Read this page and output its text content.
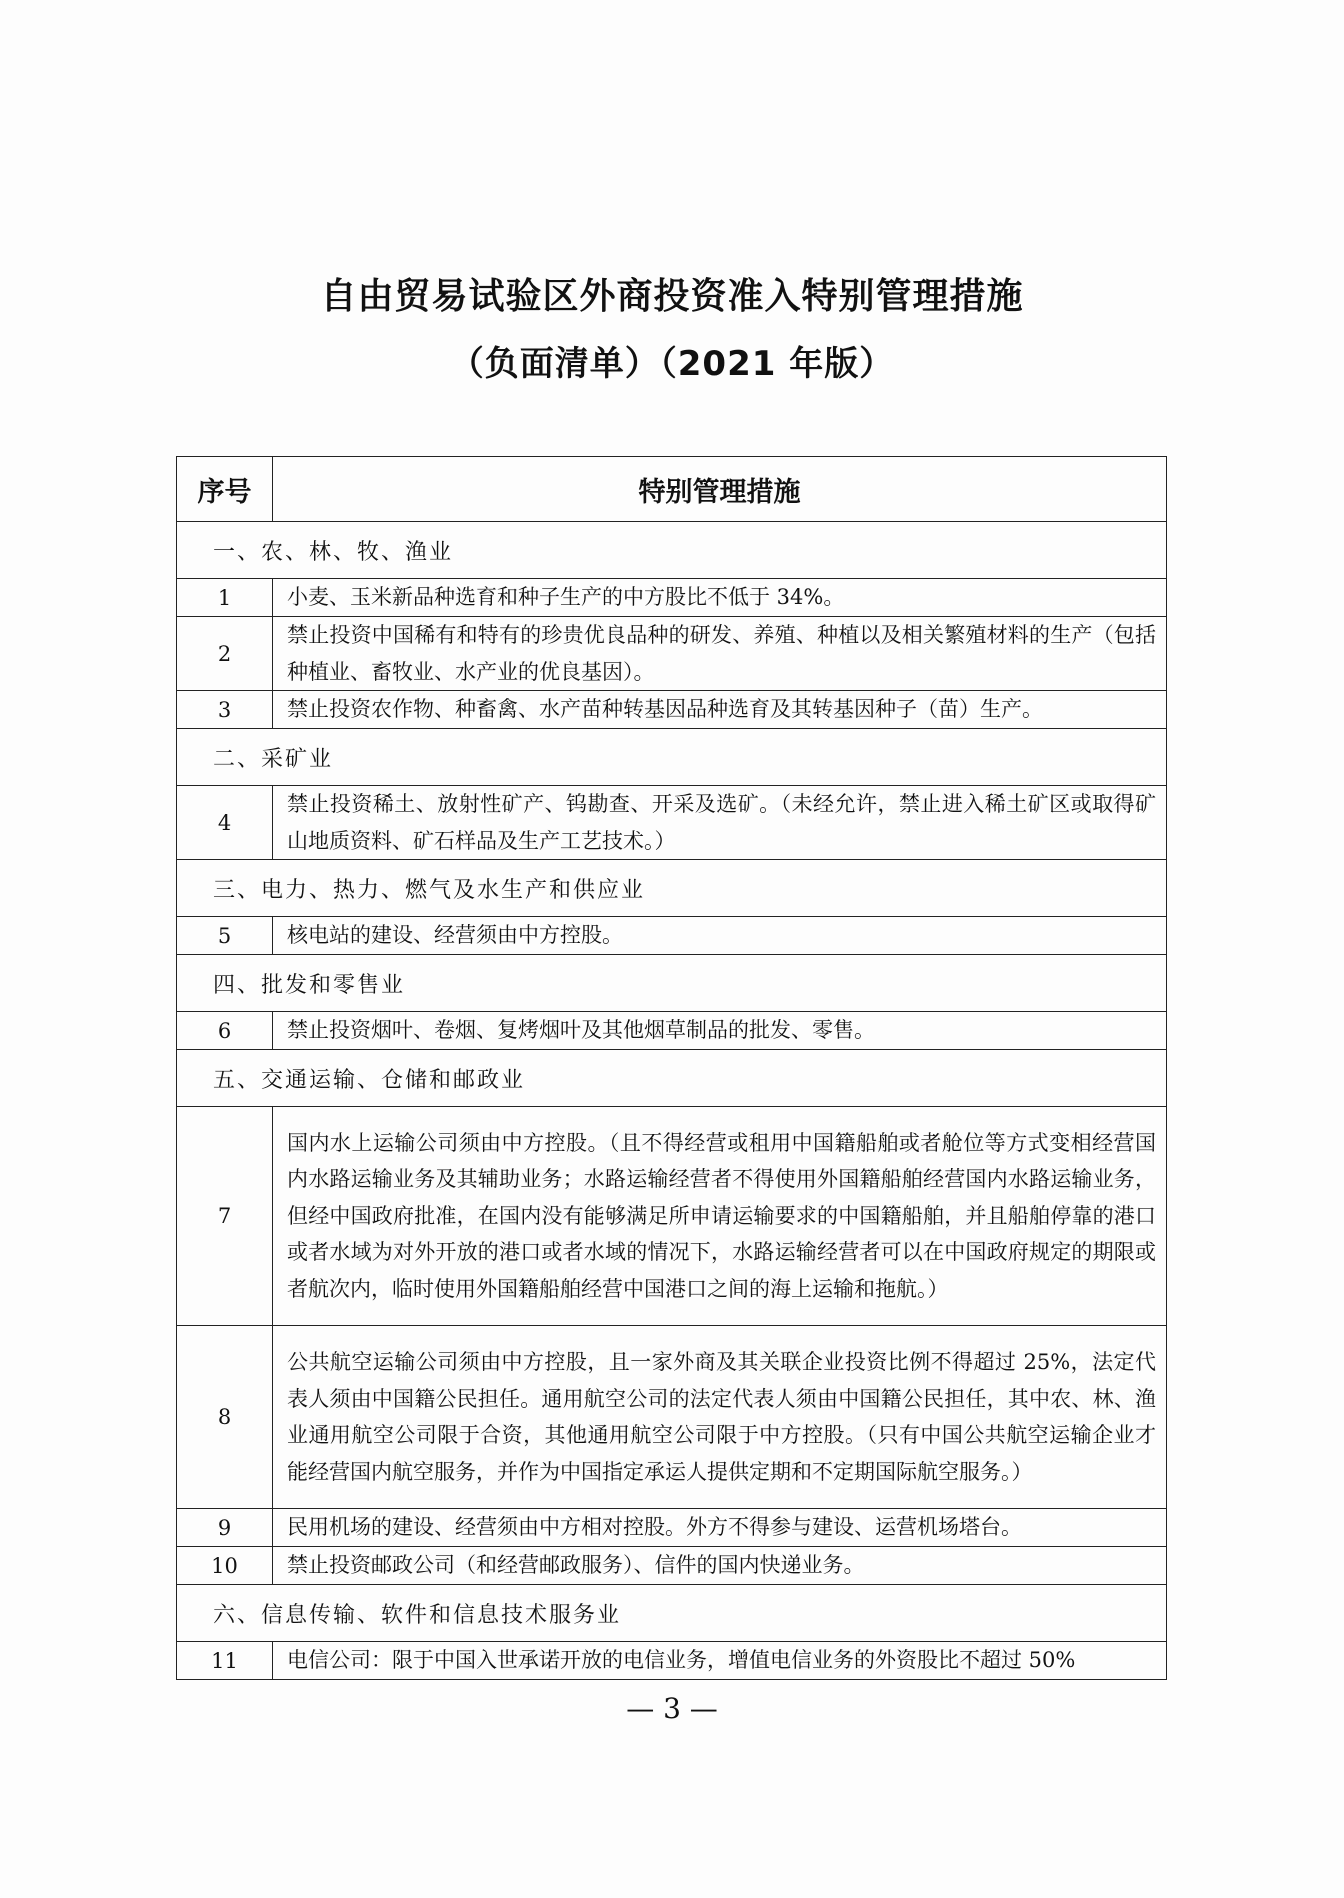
自由贸易试验区外商投资准入特别管理措施
（负面清单）（2021 年版）
序号	特别管理措施
一、农、林、牧、渔业	
1	小麦、玉米新品种选育和种子生产的中方股比不低于 34%。
2	禁止投资中国稀有和特有的珍贵优良品种的研发、养殖、种植以及相关繁殖材料的生产（包括种植业、畜牧业、水产业的优良基因）。
3	禁止投资农作物、种畜禽、水产苗种转基因品种选育及其转基因种子（苗）生产。
二、采矿业	
4	禁止投资稀土、放射性矿产、钨勘查、开采及选矿。（未经允许，禁止进入稀土矿区或取得矿山地质资料、矿石样品及生产工艺技术。）
三、电力、热力、燃气及水生产和供应业	
5	核电站的建设、经营须由中方控股。
四、批发和零售业	
6	禁止投资烟叶、卷烟、复烤烟叶及其他烟草制品的批发、零售。
五、交通运输、仓储和邮政业	
7	国内水上运输公司须由中方控股。（且不得经营或租用中国籍船舶或者舱位等方式变相经营国内水路运输业务及其辅助业务；水路运输经营者不得使用外国籍船舶经营国内水路运输业务，但经中国政府批准，在国内没有能够满足所申请运输要求的中国籍船舶，并且船舶停靠的港口或者水域为对外开放的港口或者水域的情况下，水路运输经营者可以在中国政府规定的期限或者航次内，临时使用外国籍船舶经营中国港口之间的海上运输和拖航。）
8	公共航空运输公司须由中方控股，且一家外商及其关联企业投资比例不得超过 25%，法定代表人须由中国籍公民担任。通用航空公司的法定代表人须由中国籍公民担任，其中农、林、渔业通用航空公司限于合资，其他通用航空公司限于中方控股。（只有中国公共航空运输企业才能经营国内航空服务，并作为中国指定承运人提供定期和不定期国际航空服务。）
9	民用机场的建设、经营须由中方相对控股。外方不得参与建设、运营机场塔台。
10	禁止投资邮政公司（和经营邮政服务）、信件的国内快递业务。
六、信息传输、软件和信息技术服务业	
11	电信公司：限于中国入世承诺开放的电信业务，增值电信业务的外资股比不超过 50%
— 3 —
